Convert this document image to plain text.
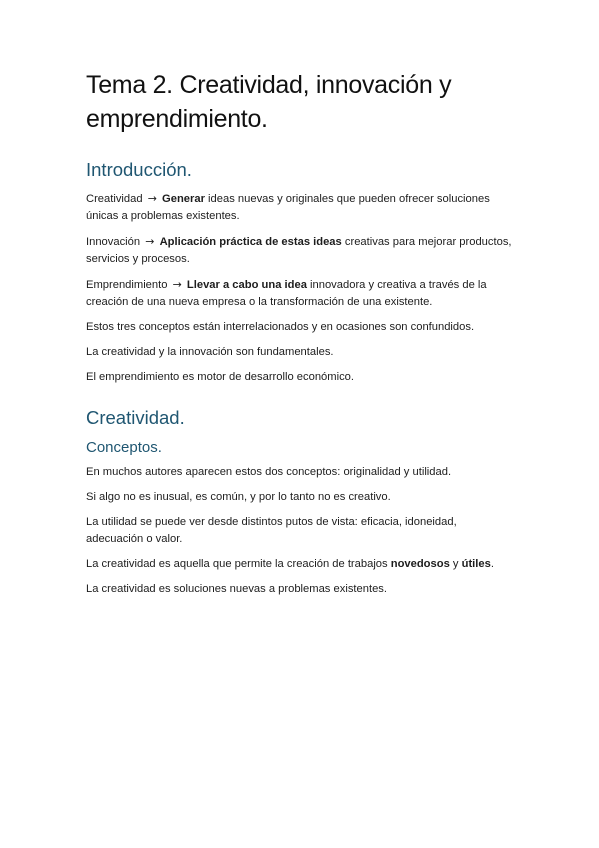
Tema 2. Creatividad, innovación y emprendimiento.
Introducción.

Creatividad → Generar ideas nuevas y originales que pueden ofrecer soluciones únicas a problemas existentes.

Innovación → Aplicación práctica de estas ideas creativas para mejorar productos, servicios y procesos.

Emprendimiento → Llevar a cabo una idea innovadora y creativa a través de la creación de una nueva empresa o la transformación de una existente.

Estos tres conceptos están interrelacionados y en ocasiones son confundidos.

La creatividad y la innovación son fundamentales.

El emprendimiento es motor de desarrollo económico.

Creatividad.
Conceptos.

En muchos autores aparecen estos dos conceptos: originalidad y utilidad.

Si algo no es inusual, es común, y por lo tanto no es creativo.

La utilidad se puede ver desde distintos putos de vista: eficacia, idoneidad, adecuación o valor.

La creatividad es aquella que permite la creación de trabajos novedosos y útiles.

La creatividad es soluciones nuevas a problemas existentes.
